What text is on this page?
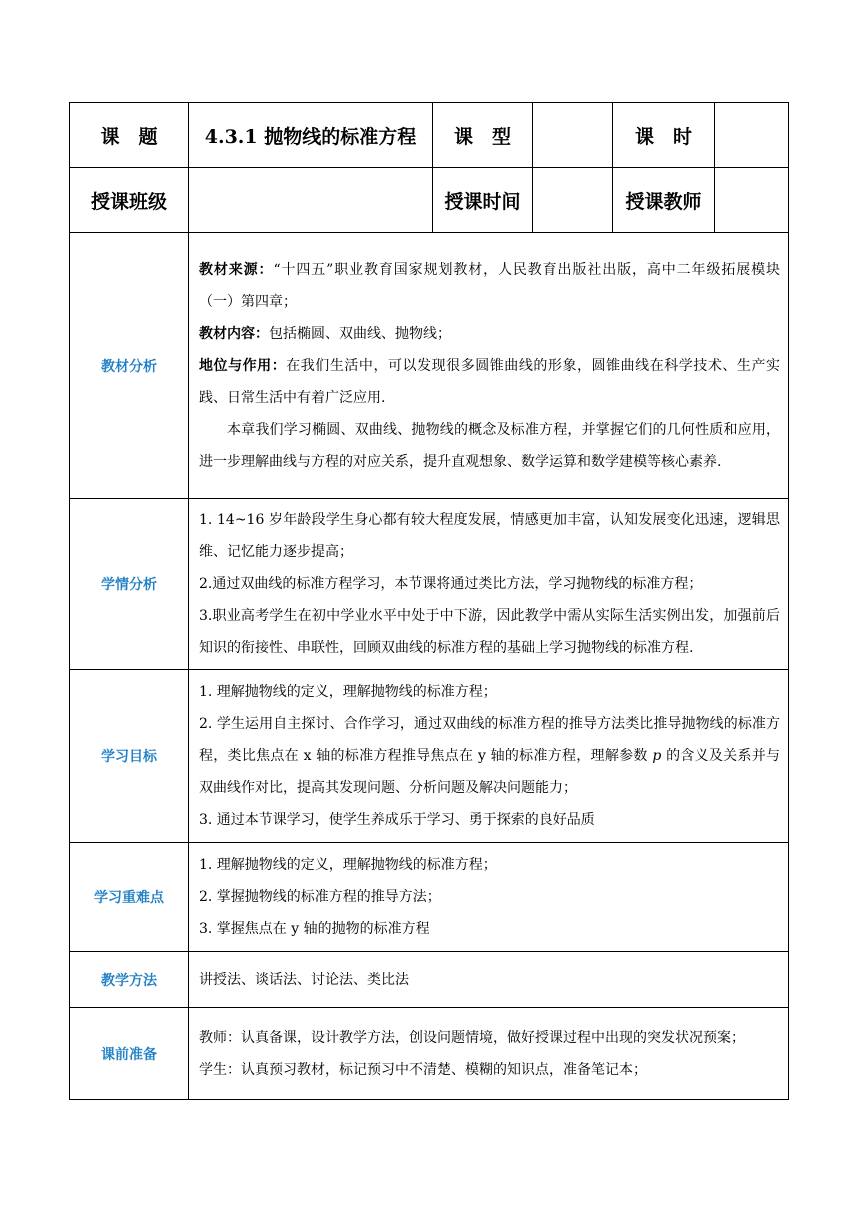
课　题	4.3.1 抛物线的标准方程	课　型		课　时	
授课班级		授课时间		授课教师	
教材分析	教材来源：“十四五”职业教育国家规划教材，人民教育出版社出版，高中二年级拓展模块（一）第四章；

教材内容：包括椭圆、双曲线、抛物线；

地位与作用：在我们生活中，可以发现很多圆锥曲线的形象，圆锥曲线在科学技术、生产实践、日常生活中有着广泛应用.

本章我们学习椭圆、双曲线、抛物线的概念及标准方程，并掌握它们的几何性质和应用，进一步理解曲线与方程的对应关系，提升直观想象、数学运算和数学建模等核心素养.				

学情分析	1. 14~16 岁年龄段学生身心都有较大程度发展，情感更加丰富，认知发展变化迅速，逻辑思维、记忆能力逐步提高；

2.通过双曲线的标准方程学习，本节课将通过类比方法，学习抛物线的标准方程；

3.职业高考学生在初中学业水平中处于中下游，因此教学中需从实际生活实例出发，加强前后知识的衔接性、串联性，回顾双曲线的标准方程的基础上学习抛物线的标准方程.				

学习目标	1. 理解抛物线的定义，理解抛物线的标准方程；

2. 学生运用自主探讨、合作学习，通过双曲线的标准方程的推导方法类比推导抛物线的标准方程，类比焦点在 x 轴的标准方程推导焦点在 y 轴的标准方程，理解参数 p 的含义及关系并与双曲线作对比，提高其发现问题、分析问题及解决问题能力；

3. 通过本节课学习，使学生养成乐于学习、勇于探索的良好品质				

学习重难点	1. 理解抛物线的定义，理解抛物线的标准方程；

2. 掌握抛物线的标准方程的推导方法；

3. 掌握焦点在 y 轴的抛物的标准方程				

教学方法	讲授法、谈话法、讨论法、类比法				
课前准备	教师：认真备课，设计教学方法，创设问题情境，做好授课过程中出现的突发状况预案；

学生：认真预习教材，标记预习中不清楚、模糊的知识点，准备笔记本；				
